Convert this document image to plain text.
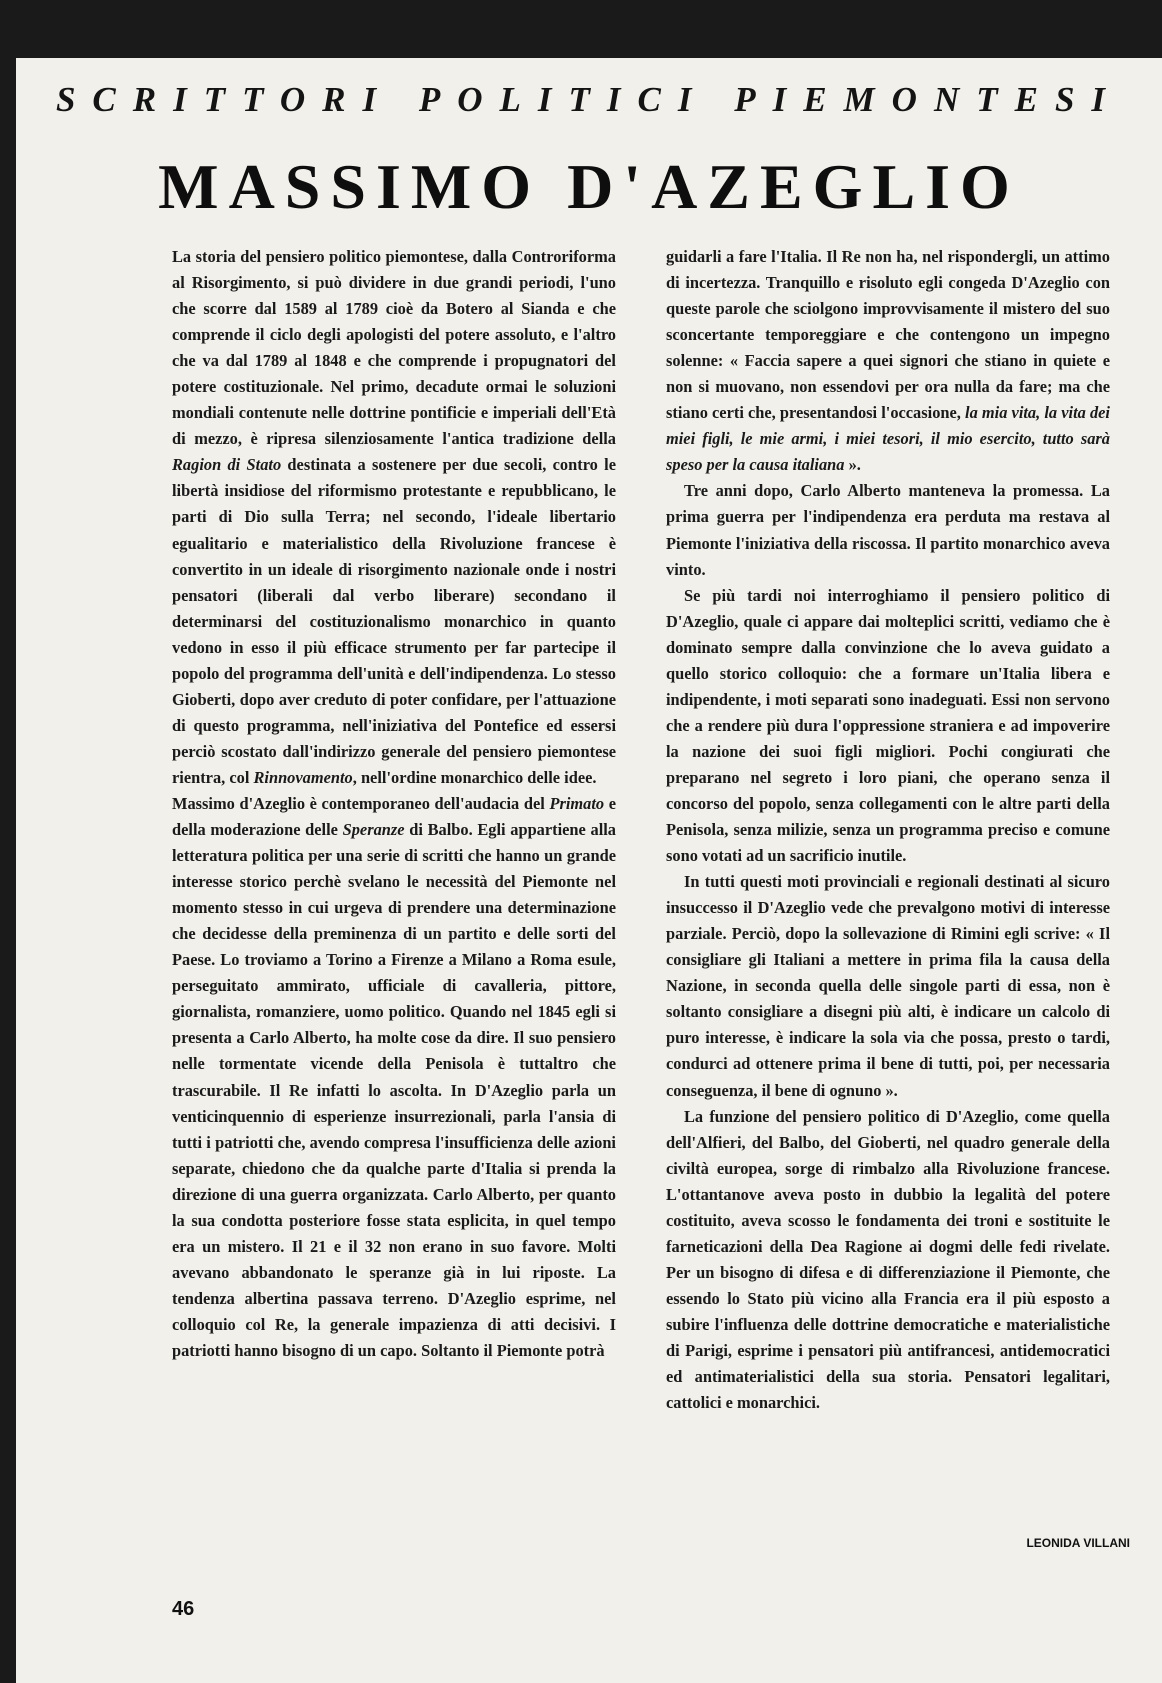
SCRITTORI POLITICI PIEMONTESI
MASSIMO D'AZEGLIO

La storia del pensiero politico piemontese, dalla Controriforma al Risorgimento, si può dividere in due grandi periodi, l'uno che scorre dal 1589 al 1789 cioè da Botero al Sianda e che comprende il ciclo degli apologisti del potere assoluto, e l'altro che va dal 1789 al 1848 e che comprende i propugnatori del potere costituzionale. Nel primo, decadute ormai le soluzioni mondiali contenute nelle dottrine pontificie e imperiali dell'Età di mezzo, è ripresa silenziosamente l'antica tradizione della Ragion di Stato destinata a sostenere per due secoli, contro le libertà insidiose del riformismo protestante e repubblicano, le parti di Dio sulla Terra; nel secondo, l'ideale libertario egualitario e materialistico della Rivoluzione francese è convertito in un ideale di risorgimento nazionale onde i nostri pensatori (liberali dal verbo liberare) secondano il determinarsi del costituzionalismo monarchico in quanto vedono in esso il più efficace strumento per far partecipe il popolo del programma dell'unità e dell'indipendenza. Lo stesso Gioberti, dopo aver creduto di poter confidare, per l'attuazione di questo programma, nell'iniziativa del Pontefice ed essersi perciò scostato dall'indirizzo generale del pensiero piemontese rientra, col Rinnovamento, nell'ordine monarchico delle idee.

Massimo d'Azeglio è contemporaneo dell'audacia del Primato e della moderazione delle Speranze di Balbo. Egli appartiene alla letteratura politica per una serie di scritti che hanno un grande interesse storico perchè svelano le necessità del Piemonte nel momento stesso in cui urgeva di prendere una determinazione che decidesse della preminenza di un partito e delle sorti del Paese. Lo troviamo a Torino a Firenze a Milano a Roma esule, perseguitato ammirato, ufficiale di cavalleria, pittore, giornalista, romanziere, uomo politico. Quando nel 1845 egli si presenta a Carlo Alberto, ha molte cose da dire. Il suo pensiero nelle tormentate vicende della Penisola è tuttaltro che trascurabile. Il Re infatti lo ascolta. In D'Azeglio parla un venticinquennio di esperienze insurrezionali, parla l'ansia di tutti i patriotti che, avendo compresa l'insufficienza delle azioni separate, chiedono che da qualche parte d'Italia si prenda la direzione di una guerra organizzata. Carlo Alberto, per quanto la sua condotta posteriore fosse stata esplicita, in quel tempo era un mistero. Il 21 e il 32 non erano in suo favore. Molti avevano abbandonato le speranze già in lui riposte. La tendenza albertina passava terreno. D'Azeglio esprime, nel colloquio col Re, la generale impazienza di atti decisivi. I patriotti hanno bisogno di un capo. Soltanto il Piemonte potrà

guidarli a fare l'Italia. Il Re non ha, nel rispondergli, un attimo di incertezza. Tranquillo e risoluto egli congeda D'Azeglio con queste parole che sciolgono improvvisamente il mistero del suo sconcertante temporeggiare e che contengono un impegno solenne: « Faccia sapere a quei signori che stiano in quiete e non si muovano, non essendovi per ora nulla da fare; ma che stiano certi che, presentandosi l'occasione, la mia vita, la vita dei miei figli, le mie armi, i miei tesori, il mio esercito, tutto sarà speso per la causa italiana ».

Tre anni dopo, Carlo Alberto manteneva la promessa. La prima guerra per l'indipendenza era perduta ma restava al Piemonte l'iniziativa della riscossa. Il partito monarchico aveva vinto.

Se più tardi noi interroghiamo il pensiero politico di D'Azeglio, quale ci appare dai molteplici scritti, vediamo che è dominato sempre dalla convinzione che lo aveva guidato a quello storico colloquio: che a formare un'Italia libera e indipendente, i moti separati sono inadeguati. Essi non servono che a rendere più dura l'oppressione straniera e ad impoverire la nazione dei suoi figli migliori. Pochi congiurati che preparano nel segreto i loro piani, che operano senza il concorso del popolo, senza collegamenti con le altre parti della Penisola, senza milizie, senza un programma preciso e comune sono votati ad un sacrificio inutile.

In tutti questi moti provinciali e regionali destinati al sicuro insuccesso il D'Azeglio vede che prevalgono motivi di interesse parziale. Perciò, dopo la sollevazione di Rimini egli scrive: « Il consigliare gli Italiani a mettere in prima fila la causa della Nazione, in seconda quella delle singole parti di essa, non è soltanto consigliare a disegni più alti, è indicare un calcolo di puro interesse, è indicare la sola via che possa, presto o tardi, condurci ad ottenere prima il bene di tutti, poi, per necessaria conseguenza, il bene di ognuno ».

La funzione del pensiero politico di D'Azeglio, come quella dell'Alfieri, del Balbo, del Gioberti, nel quadro generale della civiltà europea, sorge di rimbalzo alla Rivoluzione francese. L'ottantanove aveva posto in dubbio la legalità del potere costituito, aveva scosso le fondamenta dei troni e sostituite le farneticazioni della Dea Ragione ai dogmi delle fedi rivelate. Per un bisogno di difesa e di differenziazione il Piemonte, che essendo lo Stato più vicino alla Francia era il più esposto a subire l'influenza delle dottrine democratiche e materialistiche di Parigi, esprime i pensatori più antifrancesi, antidemocratici ed antimaterialistici della sua storia. Pensatori legalitari, cattolici e monarchici.

LEONIDA VILLANI
46
